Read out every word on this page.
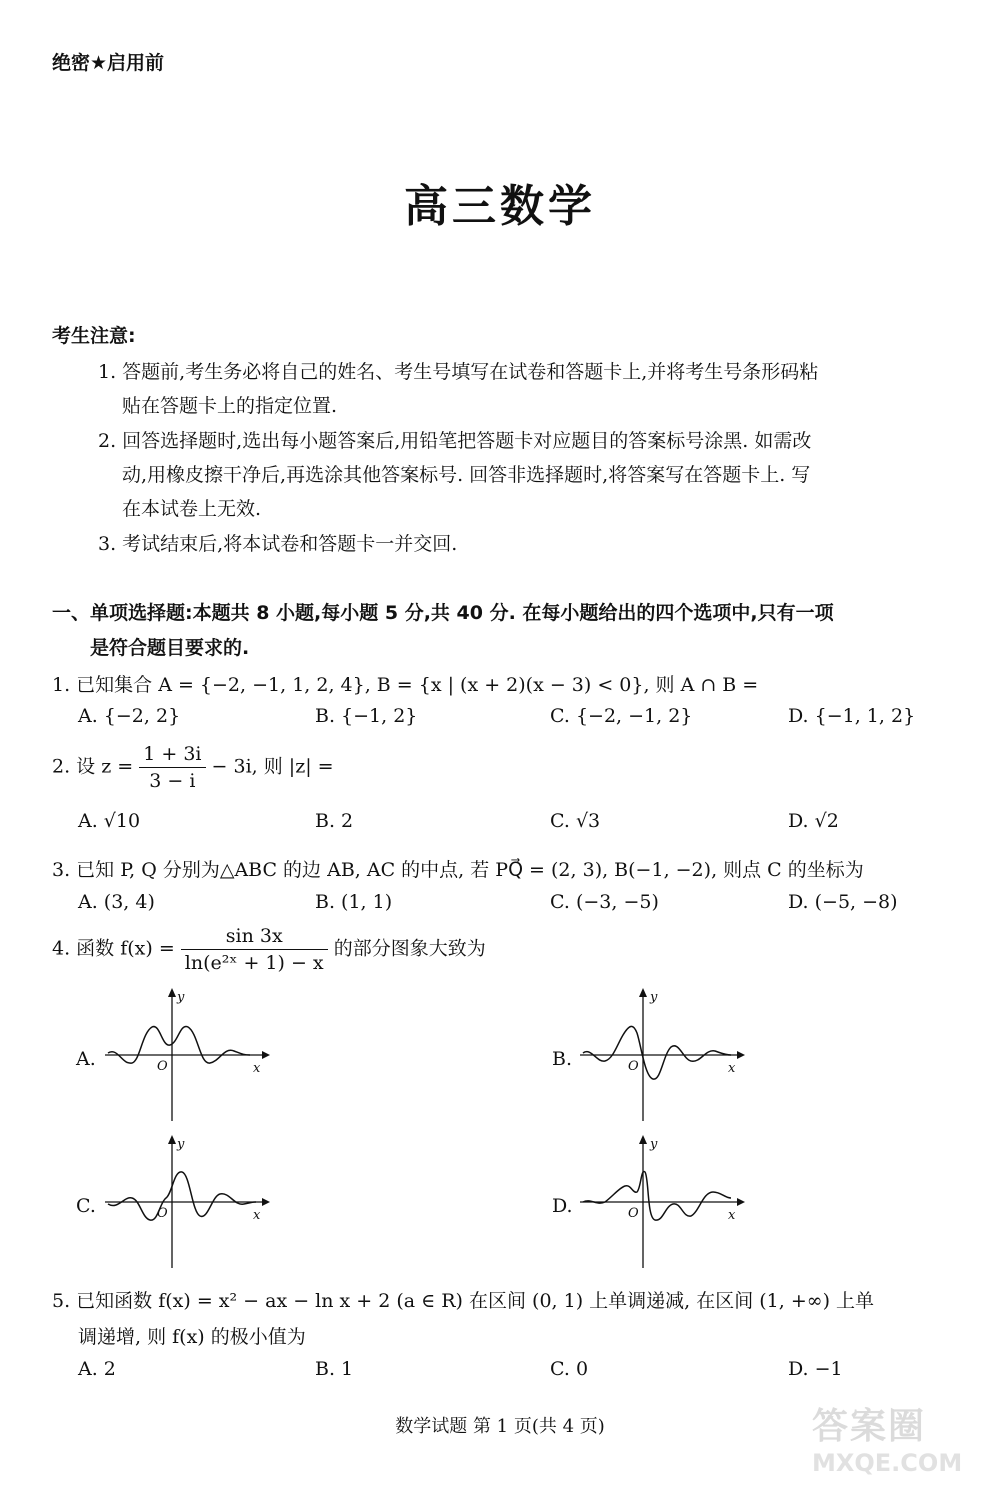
绝密★启用前
高三数学
考生注意:
1. 答题前,考生务必将自己的姓名、考生号填写在试卷和答题卡上,并将考生号条形码粘
贴在答题卡上的指定位置.
2. 回答选择题时,选出每小题答案后,用铅笔把答题卡对应题目的答案标号涂黑. 如需改
动,用橡皮擦干净后,再选涂其他答案标号. 回答非选择题时,将答案写在答题卡上. 写
在本试卷上无效.
3. 考试结束后,将本试卷和答题卡一并交回.
一、单项选择题:本题共 8 小题,每小题 5 分,共 40 分. 在每小题给出的四个选项中,只有一项
是符合题目要求的.
1. 已知集合 A = {−2, −1, 1, 2, 4}, B = {x | (x + 2)(x − 3) < 0}, 则 A ∩ B =
A. {−2, 2}	B. {−1, 2}	C. {−2, −1, 2}	D. {−1, 1, 2}
2. 设 $z = \frac{1 + 3i}{3 - i} - 3i$, 则 |z| =
A. √10	B. 2	C. √3	D. √2
3. 已知 P, Q 分别为△ABC 的边 AB, AC 的中点, 若 PQ⃗ = (2, 3), B(−1, −2), 则点 C 的坐标为
A. (3, 4)	B. (1, 1)	C. (−3, −5)	D. (−5, −8)
4. 函数 $f(x) = \frac{\sin 3x}{\text{ln(e²ˣ + 1) − x}}$ 的部分图象大致为
A.	O
y
x	B.	O
y
x
C.	O
y
x	D.	O
y
x
5. 已知函数 f(x) = x² − ax − ln x + 2 (a ∈ R) 在区间 (0, 1) 上单调递减, 在区间 (1, +∞) 上单
调递增, 则 f(x) 的极小值为
A. 2	B. 1	C. 0	D. −1
数学试题 第 1 页(共 4 页)	答案圈
MXQE.COM
